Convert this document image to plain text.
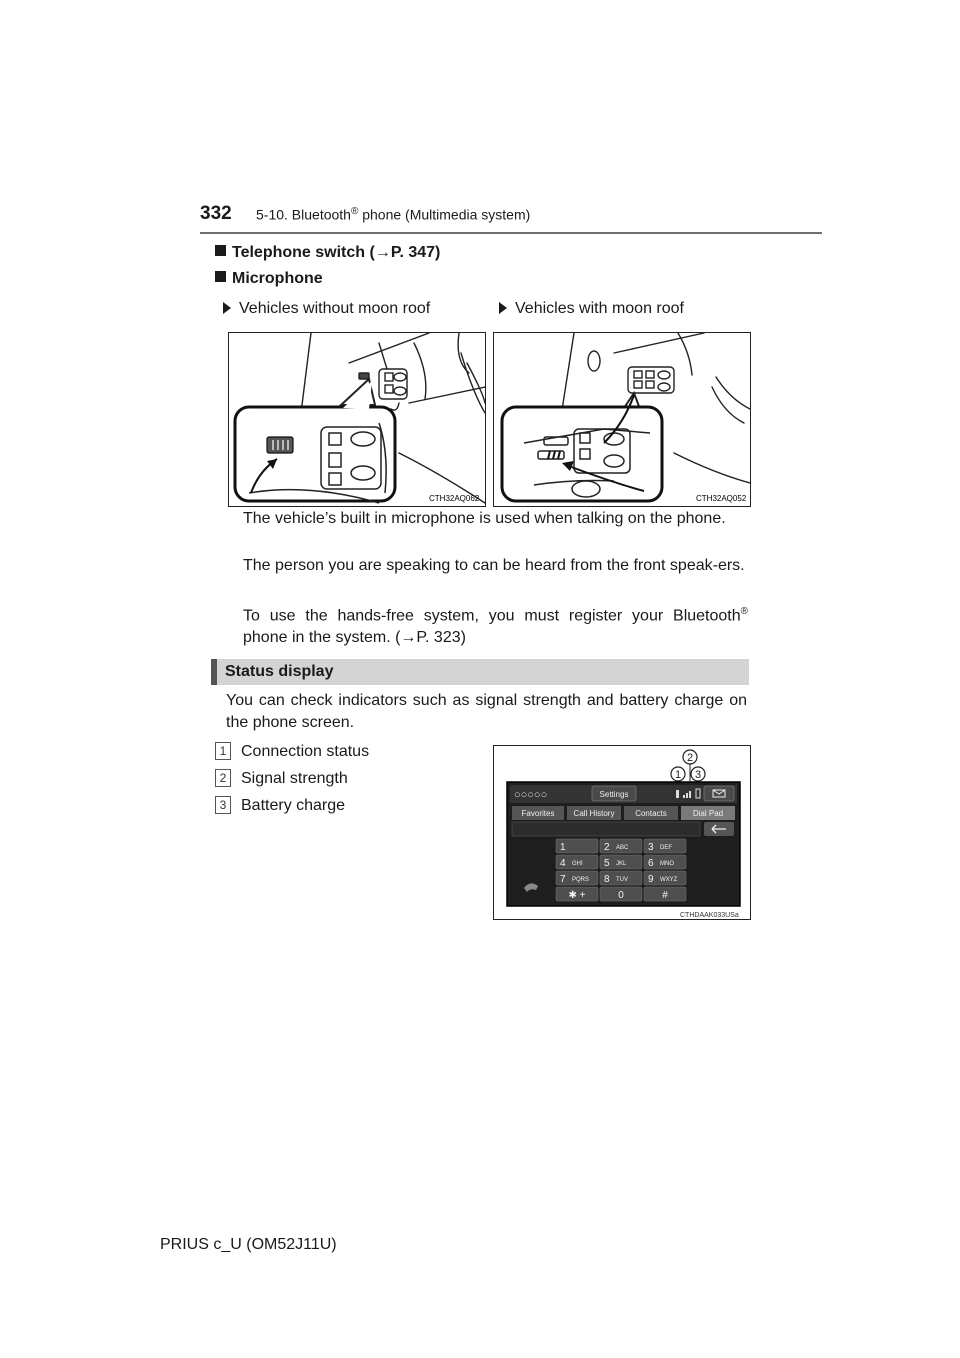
332 5-10. Bluetooth® phone (Multimedia system)
Telephone switch (→P. 347)
Microphone
Vehicles without moon roof	Vehicles with moon roof
CTH32AQ062	CTH32AQ052
The vehicle’s built in microphone is used when talking on the phone.
The person you are speaking to can be heard from the front speak-ers.
To use the hands-free system, you must register your Bluetooth® phone in the system. (→P. 323)
Status display
You can check indicators such as signal strength and battery charge on the phone screen.
1 Connection status
2 Signal strength
3 Battery charge
2
1 3
○○○○○	Settings
Favorites Call History	Contacts	Dial Pad
1	2 ABC 3 DEF
4 GHI 5 JKL 6 MNO
7 PQRS 8 TUV 9 WXYZ
✱ +	0	#
CTHDAAK033USa
PRIUS c_U (OM52J11U)
